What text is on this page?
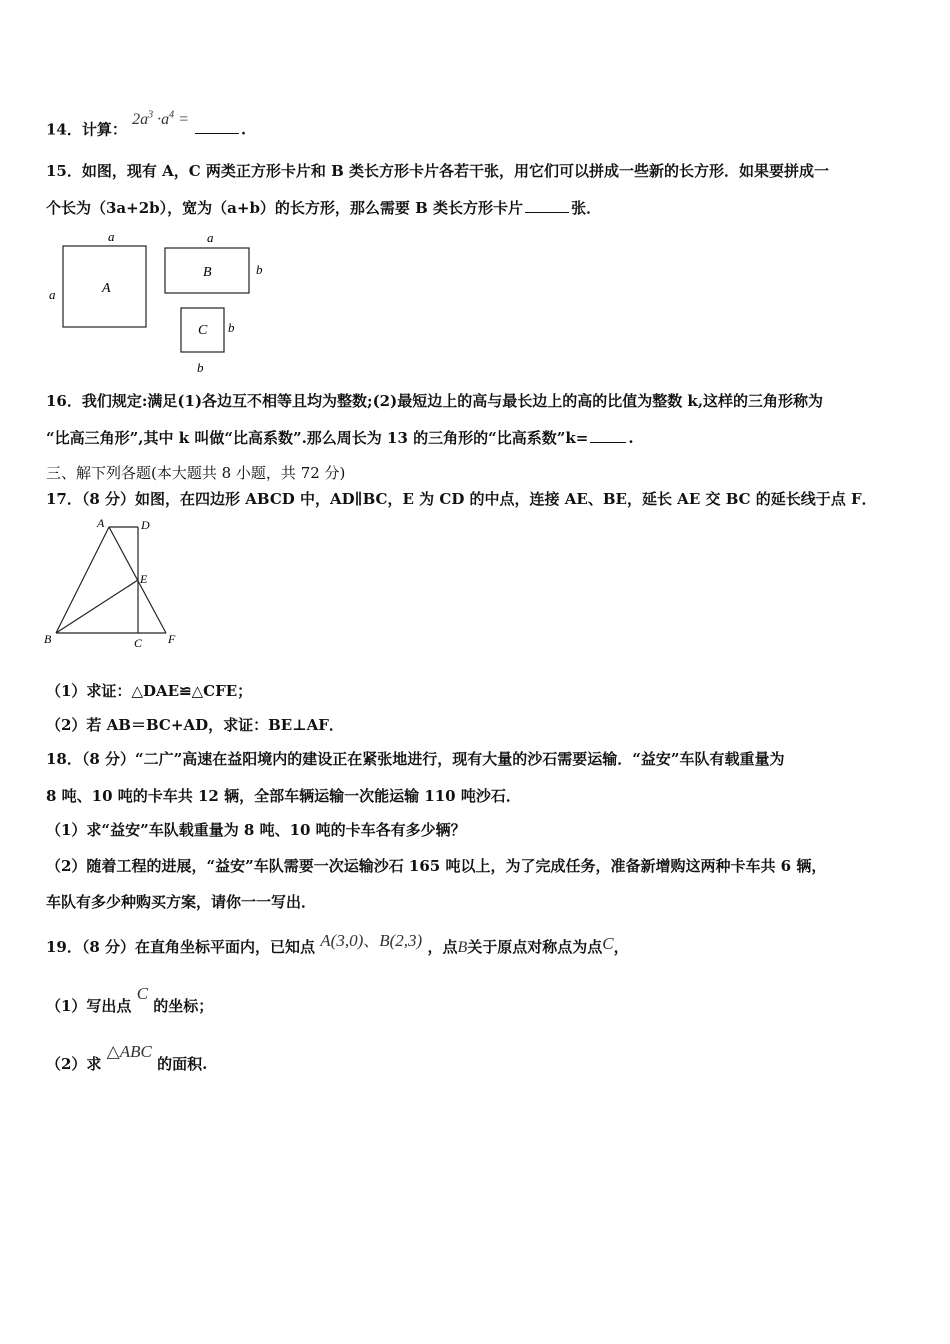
14．计算： $2a^3 \cdot a^4$ = .
15．如图，现有 A，C 两类正方形卡片和 B 类长方形卡片各若干张，用它们可以拼成一些新的长方形．如果要拼成一
个长为（3a+2b），宽为（a+b）的长方形，那么需要 B 类长方形卡片	张．
A
a
a
B
a
b
C b
b
16．我们规定:满足(1)各边互不相等且均为整数;(2)最短边上的高与最长边上的高的比值为整数 k,这样的三角形称为
“比高三角形”,其中 k 叫做“比高系数”.那么周长为 13 的三角形的“比高系数”k=	.
三、解下列各题(本大题共 8 小题，共 72 分)
17．（8 分）如图，在四边形 ABCD 中，AD∥BC，E 为 CD 的中点，连接 AE、BE，延长 AE 交 BC 的延长线于点 F．
A	D
E
B	C F
（1）求证：△DAE≌△CFE；
（2）若 AB＝BC+AD，求证：BE⊥AF．
18．（8 分）“二广”高速在益阳境内的建设正在紧张地进行，现有大量的沙石需要运输．“益安”车队有载重量为
8 吨、10 吨的卡车共 12 辆，全部车辆运输一次能运输 110 吨沙石．
（1）求“益安”车队载重量为 8 吨、10 吨的卡车各有多少辆？
（2）随着工程的进展，“益安”车队需要一次运输沙石 165 吨以上，为了完成任务，准备新增购这两种卡车共 6 辆，
车队有多少种购买方案，请你一一写出．
19．（8 分）在直角坐标平面内，已知点 A(3,0)、B(2,3) ，点B关于原点对称点为点C，
（1）写出点 C 的坐标；
（2）求 △ABC 的面积.
